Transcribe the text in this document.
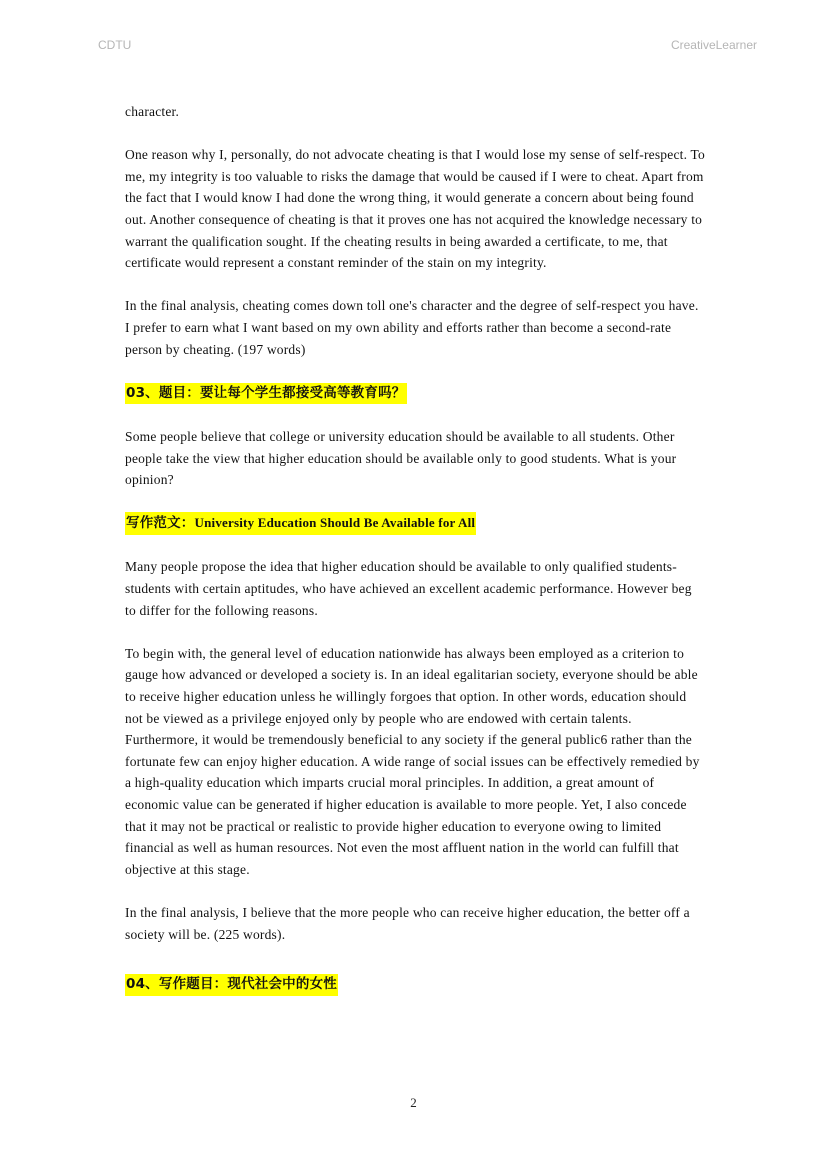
CDTU	CreativeLearner

character.

One reason why I, personally, do not advocate cheating is that I would lose my sense of self-respect. To me, my integrity is too valuable to risks the damage that would be caused if I were to cheat. Apart from the fact that I would know I had done the wrong thing, it would generate a concern about being found out. Another consequence of cheating is that it proves one has not acquired the knowledge necessary to warrant the qualification sought. If the cheating results in being awarded a certificate, to me, that certificate would represent a constant reminder of the stain on my integrity.

In the final analysis, cheating comes down toll one's character and the degree of self-respect you have. I prefer to earn what I want based on my own ability and efforts rather than become a second-rate person by cheating. (197 words)

03、题目：要让每个学生都接受高等教育吗？

Some people believe that college or university education should be available to all students. Other people take the view that higher education should be available only to good students. What is your opinion?

写作范文：University Education Should Be Available for All

Many people propose the idea that higher education should be available to only qualified students-students with certain aptitudes, who have achieved an excellent academic performance. However beg to differ for the following reasons.

To begin with, the general level of education nationwide has always been employed as a criterion to gauge how advanced or developed a society is. In an ideal egalitarian society, everyone should be able to receive higher education unless he willingly forgoes that option. In other words, education should not be viewed as a privilege enjoyed only by people who are endowed with certain talents. Furthermore, it would be tremendously beneficial to any society if the general public6 rather than the fortunate few can enjoy higher education. A wide range of social issues can be effectively remedied by a high-quality education which imparts crucial moral principles. In addition, a great amount of economic value can be generated if higher education is available to more people. Yet, I also concede that it may not be practical or realistic to provide higher education to everyone owing to limited financial as well as human resources. Not even the most affluent nation in the world can fulfill that objective at this stage.

In the final analysis, I believe that the more people who can receive higher education, the better off a society will be. (225 words).

04、写作题目：现代社会中的女性

2
